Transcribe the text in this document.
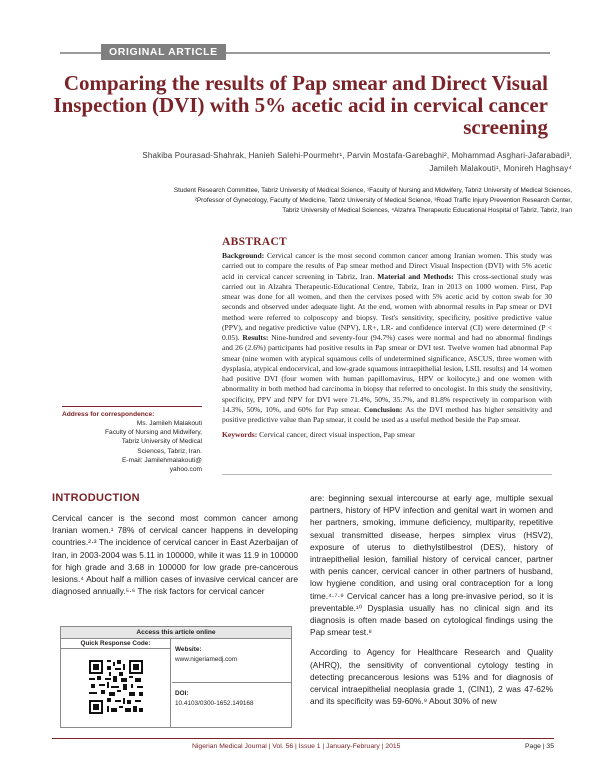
ORIGINAL ARTICLE
Comparing the results of Pap smear and Direct Visual Inspection (DVI) with 5% acetic acid in cervical cancer screening
Shakiba Pourasad-Shahrak, Hanieh Salehi-Pourmehr¹, Parvin Mostafa-Garebaghi², Mohammad Asghari-Jafarabadi³,
Jamileh Malakouti¹, Monireh Haghsay⁴
Student Research Committee, Tabriz University of Medical Science, ¹Faculty of Nursing and Midwifery, Tabriz University of Medical Sciences,
²Professor of Gynecology, Faculty of Medicine, Tabriz University of Medical Science, ³Road Traffic Injury Prevention Research Center,
Tabriz University of Medical Sciences, ⁴Alzahra Therapeutic Educational Hospital of Tabriz, Tabriz, Iran
ABSTRACT
Background: Cervical cancer is the most second common cancer among Iranian women. This study was carried out to compare the results of Pap smear method and Direct Visual Inspection (DVI) with 5% acetic acid in cervical cancer screening in Tabriz, Iran. Material and Methods: This cross-sectional study was carried out in Alzahra Therapeutic-Educational Centre, Tabriz, Iran in 2013 on 1000 women. First, Pap smear was done for all women, and then the cervixes posed with 5% acetic acid by cotton swab for 30 seconds and observed under adequate light. At the end, women with abnormal results in Pap smear or DVI method were referred to colposcopy and biopsy. Test's sensitivity, specificity, positive predictive value (PPV), and negative predictive value (NPV), LR+, LR- and confidence interval (CI) were determined (P < 0.05). Results: Nine-hundred and seventy-four (94.7%) cases were normal and had no abnormal findings and 26 (2.6%) participants had positive results in Pap smear or DVI test. Twelve women had abnormal Pap smear (nine women with atypical squamous cells of undetermined significance, ASCUS, three women with dysplasia, atypical endocervical, and low-grade squamous intraepithelial lesion, LSIL results) and 14 women had positive DVI (four women with human papillomavirus, HPV or koilocyte,) and one women with abnormality in both method had carcinoma in biopsy that referred to oncologist. In this study the sensitivity, specificity, PPV and NPV for DVI were 71.4%, 50%, 35.7%, and 81.8% respectively in comparison with 14.3%, 50%, 10%, and 60% for Pap smear. Conclusion: As the DVI method has higher sensitivity and positive predictive value than Pap smear, it could be used as a useful method beside the Pap smear.
Keywords: Cervical cancer, direct visual inspection, Pap smear
Address for correspondence:
Ms. Jamileh Malakouti
Faculty of Nursing and Midwifery,
Tabriz University of Medical
Sciences, Tabriz, Iran.
E-mail: Jamilehmalakouti@
yahoo.com
INTRODUCTION
Cervical cancer is the second most common cancer among Iranian women.¹ 78% of cervical cancer happens in developing countries.²·³ The incidence of cervical cancer in East Azerbaijan of Iran, in 2003-2004 was 5.11 in 100000, while it was 11.9 in 100000 for high grade and 3.68 in 100000 for low grade pre-cancerous lesions.⁴ About half a million cases of invasive cervical cancer are diagnosed annually.⁵·⁶ The risk factors for cervical cancer

are: beginning sexual intercourse at early age, multiple sexual partners, history of HPV infection and genital wart in women and her partners, smoking, immune deficiency, multiparity, repetitive sexual transmitted disease, herpes simplex virus (HSV2), exposure of uterus to diethylstilbestrol (DES), history of intraepithelial lesion, familial history of cervical cancer, partner with penis cancer, cervical cancer in other partners of husband, low hygiene condition, and using oral contraception for a long time.⁴·⁷·⁹ Cervical cancer has a long pre-invasive period, so it is preventable.¹⁰ Dysplasia usually has no clinical sign and its diagnosis is often made based on cytological findings using the Pap smear test.⁸

According to Agency for Healthcare Research and Quality (AHRQ), the sensitivity of conventional cytology testing in detecting precancerous lesions was 51% and for diagnosis of cervical intraepithelial neoplasia grade 1, (CIN1), 2 was 47-62% and its specificity was 59-60%.⁹ About 30% of new

Access this article online
Quick Response Code:
Website:
www.nigeriamedj.com
DOI:
10.4103/0300-1652.149168
Nigerian Medical Journal | Vol. 56 | Issue 1 | January-February | 2015	Page | 35
